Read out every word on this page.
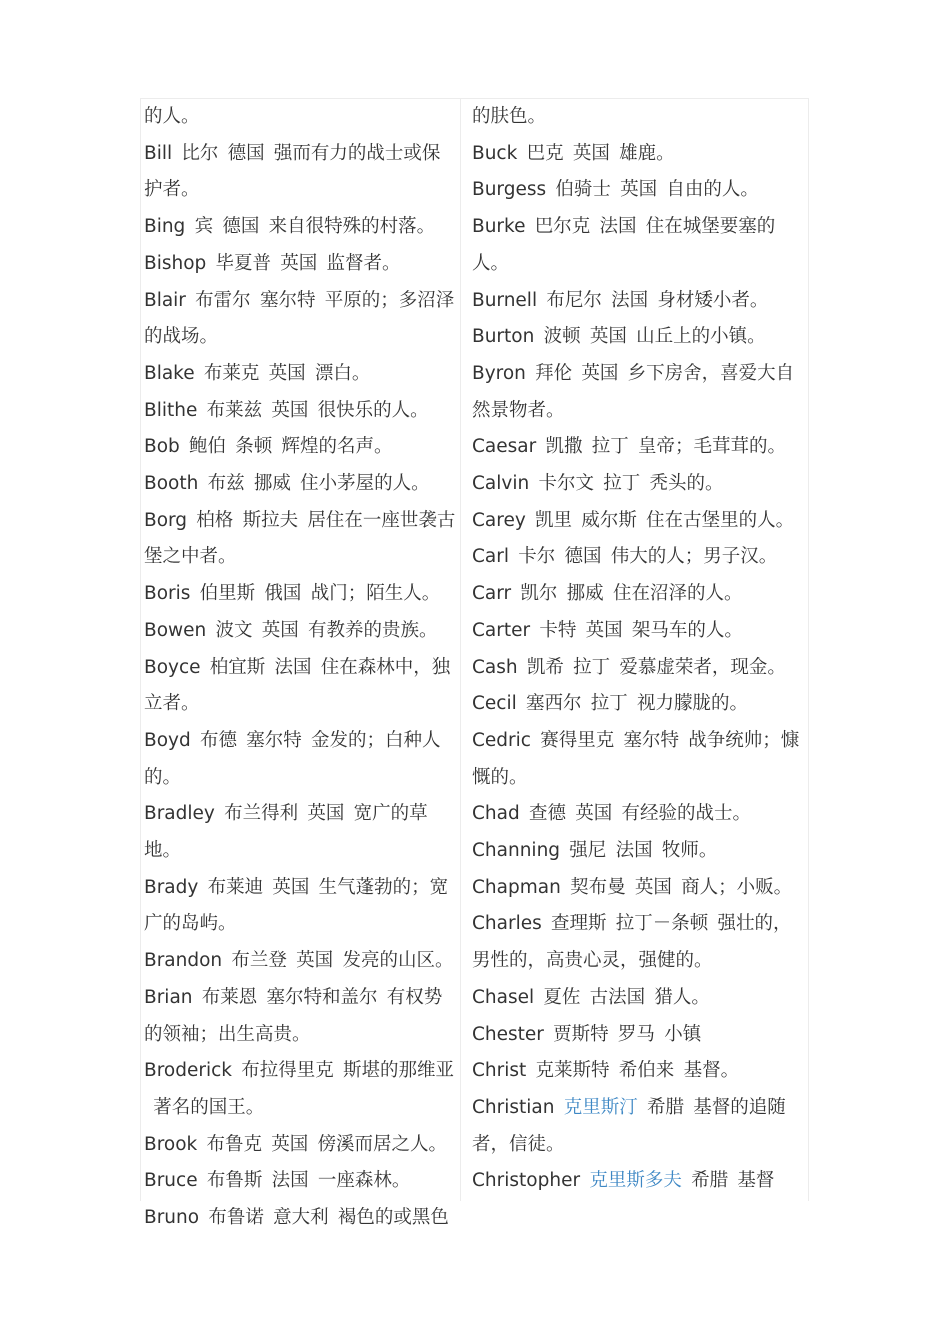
的人。
Bill 比尔 德国 强而有力的战士或保护者。
Bing 宾 德国 来自很特殊的村落。
Bishop 毕夏普 英国 监督者。
Blair 布雷尔 塞尔特 平原的；多沼泽的战场。
Blake 布莱克 英国 漂白。
Blithe 布莱兹 英国 很快乐的人。
Bob 鲍伯 条顿 辉煌的名声。
Booth 布兹 挪威 住小茅屋的人。
Borg 柏格 斯拉夫 居住在一座世袭古堡之中者。
Boris 伯里斯 俄国 战门；陌生人。
Bowen 波文 英国 有教养的贵族。
Boyce 柏宜斯 法国 住在森林中，独立者。
Boyd 布德 塞尔特 金发的；白种人的。
Bradley 布兰得利 英国 宽广的草地。
Brady 布莱迪 英国 生气蓬勃的；宽广的岛屿。
Brandon 布兰登 英国 发亮的山区。
Brian 布莱恩 塞尔特和盖尔 有权势的领袖；出生高贵。
Broderick 布拉得里克 斯堪的那维亚著名的国王。
Brook 布鲁克 英国 傍溪而居之人。
Bruce 布鲁斯 法国 一座森林。
Bruno 布鲁诺 意大利 褐色的或黑色
的肤色。
Buck 巴克 英国 雄鹿。
Burgess 伯骑士 英国 自由的人。
Burke 巴尔克 法国 住在城堡要塞的人。
Burnell 布尼尔 法国 身材矮小者。
Burton 波顿 英国 山丘上的小镇。
Byron 拜伦 英国 乡下房舍，喜爱大自然景物者。
Caesar 凯撒 拉丁 皇帝；毛茸茸的。
Calvin 卡尔文 拉丁 秃头的。
Carey 凯里 威尔斯 住在古堡里的人。
Carl 卡尔 德国 伟大的人；男子汉。
Carr 凯尔 挪威 住在沼泽的人。
Carter 卡特 英国 架马车的人。
Cash 凯希 拉丁 爱慕虚荣者，现金。
Cecil 塞西尔 拉丁 视力朦胧的。
Cedric 赛得里克 塞尔特 战争统帅；慷慨的。
Chad 查德 英国 有经验的战士。
Channing 强尼 法国 牧师。
Chapman 契布曼 英国 商人；小贩。
Charles 查理斯 拉丁－条顿 强壮的，男性的，高贵心灵，强健的。
Chasel 夏佐 古法国 猎人。
Chester 贾斯特 罗马 小镇
Christ 克莱斯特 希伯来 基督。
Christian 克里斯汀 希腊 基督的追随者，信徒。
Christopher 克里斯多夫 希腊 基督
